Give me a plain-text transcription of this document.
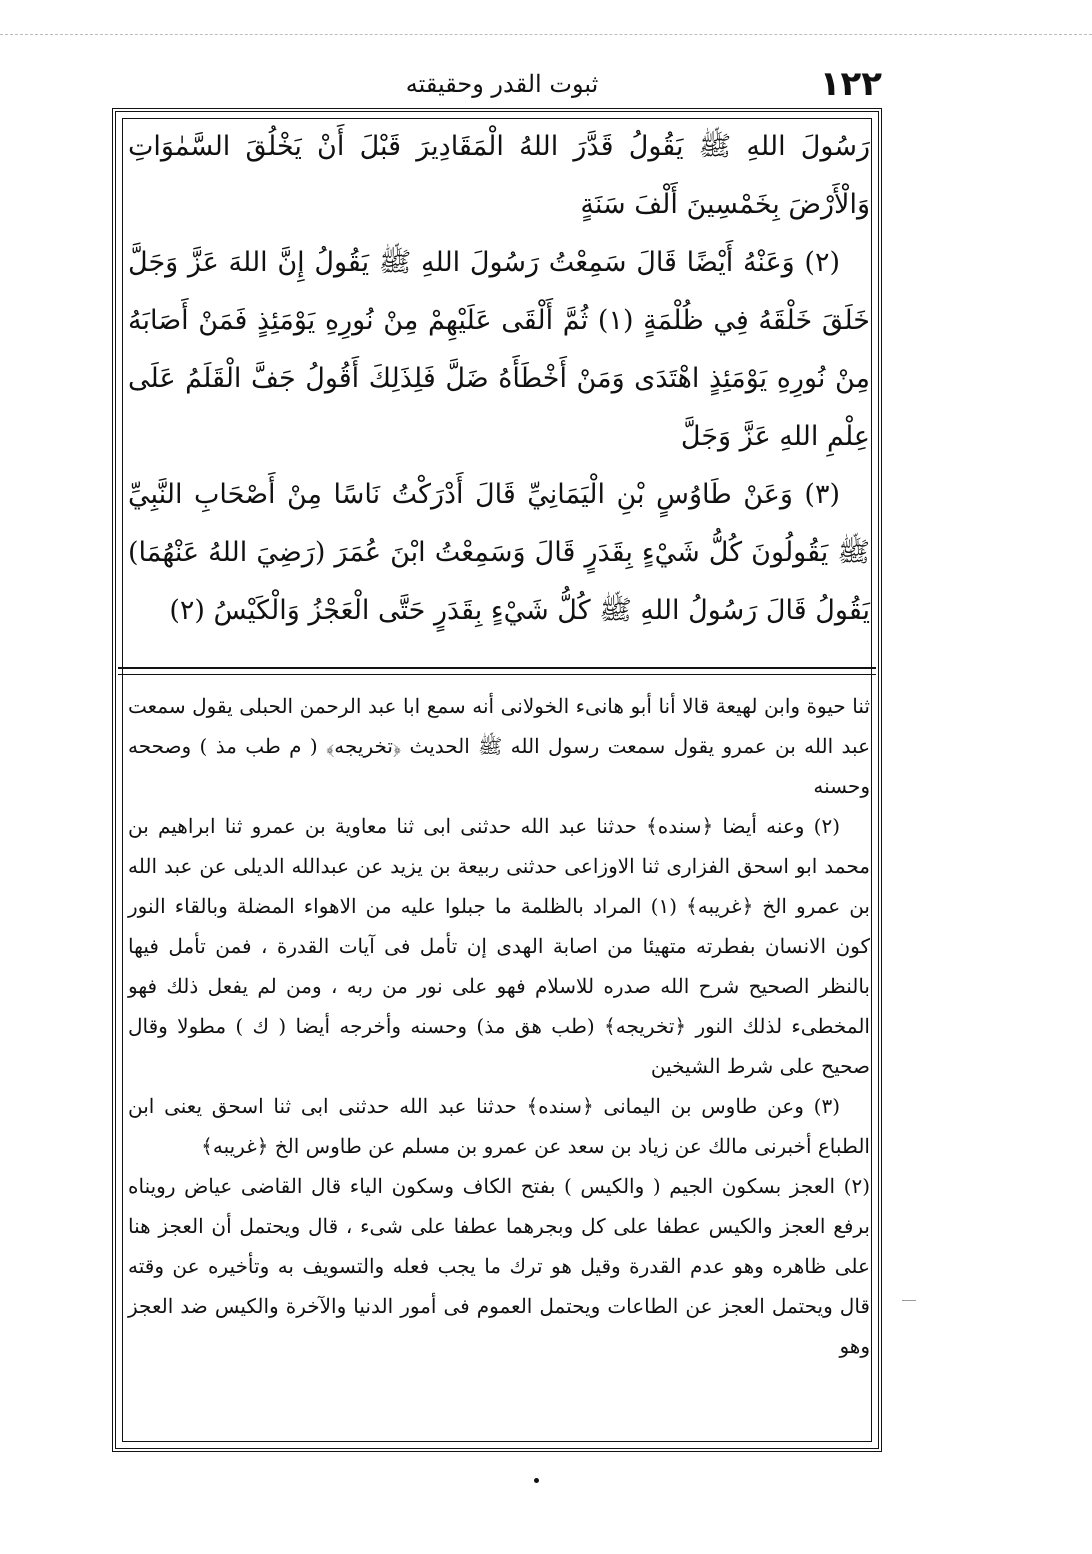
١٢٢
ثبوت القدر وحقيقته

رَسُولَ اللهِ ﷺ يَقُولُ قَدَّرَ اللهُ الْمَقَادِيرَ قَبْلَ أَنْ يَخْلُقَ السَّمٰوَاتِ وَالْأَرْضَ بِخَمْسِينَ أَلْفَ سَنَةٍ

(٢) وَعَنْهُ أَيْضًا قَالَ سَمِعْتُ رَسُولَ اللهِ ﷺ يَقُولُ إِنَّ اللهَ عَزَّ وَجَلَّ خَلَقَ خَلْقَهُ فِي ظُلْمَةٍ (١) ثُمَّ أَلْقَى عَلَيْهِمْ مِنْ نُورِهِ يَوْمَئِذٍ فَمَنْ أَصَابَهُ مِنْ نُورِهِ يَوْمَئِذٍ اهْتَدَى وَمَنْ أَخْطَأَهُ ضَلَّ فَلِذَلِكَ أَقُولُ جَفَّ الْقَلَمُ عَلَى عِلْمِ اللهِ عَزَّ وَجَلَّ

(٣) وَعَنْ طَاوُسٍ بْنِ الْيَمَانِيِّ قَالَ أَدْرَكْتُ نَاسًا مِنْ أَصْحَابِ النَّبِيِّ ﷺ يَقُولُونَ كُلُّ شَيْءٍ بِقَدَرٍ قَالَ وَسَمِعْتُ ابْنَ عُمَرَ (رَضِيَ اللهُ عَنْهُمَا) يَقُولُ قَالَ رَسُولُ اللهِ ﷺ كُلُّ شَيْءٍ بِقَدَرٍ حَتَّى الْعَجْزُ وَالْكَيْسُ (٢)

ثنا حيوة وابن لهيعة قالا أنا أبو هانىء الخولانى أنه سمع ابا عبد الرحمن الحبلى يقول سمعت عبد الله بن عمرو يقول سمعت رسول الله ﷺ الحديث ﴿تخريجه﴾ ( م طب مذ ) وصححه وحسنه

(٢) وعنه أيضا ﴿سنده﴾ حدثنا عبد الله حدثنى ابى ثنا معاوية بن عمرو ثنا ابراهيم بن محمد ابو اسحق الفزارى ثنا الاوزاعى حدثنى ربيعة بن يزيد عن عبدالله الديلى عن عبد الله بن عمرو الخ ﴿غريبه﴾ (١) المراد بالظلمة ما جبلوا عليه من الاهواء المضلة وبالقاء النور كون الانسان بفطرته متهيئا من اصابة الهدى إن تأمل فى آيات القدرة ، فمن تأمل فيها بالنظر الصحيح شرح الله صدره للاسلام فهو على نور من ربه ، ومن لم يفعل ذلك فهو المخطىء لذلك النور ﴿تخريجه﴾ (طب هق مذ) وحسنه وأخرجه أيضا ( ك ) مطولا وقال صحيح على شرط الشيخين

(٣) وعن طاوس بن اليمانى ﴿سنده﴾ حدثنا عبد الله حدثنى ابى ثنا اسحق يعنى ابن الطباع أخبرنى مالك عن زياد بن سعد عن عمرو بن مسلم عن طاوس الخ ﴿غريبه﴾

(٢) العجز بسكون الجيم ( والكيس ) بفتح الكاف وسكون الياء قال القاضى عياض رويناه برفع العجز والكيس عطفا على كل وبجرهما عطفا على شىء ، قال ويحتمل أن العجز هنا على ظاهره وهو عدم القدرة وقيل هو ترك ما يجب فعله والتسويف به وتأخيره عن وقته قال ويحتمل العجز عن الطاعات ويحتمل العموم فى أمور الدنيا والآخرة والكيس ضد العجز وهو
